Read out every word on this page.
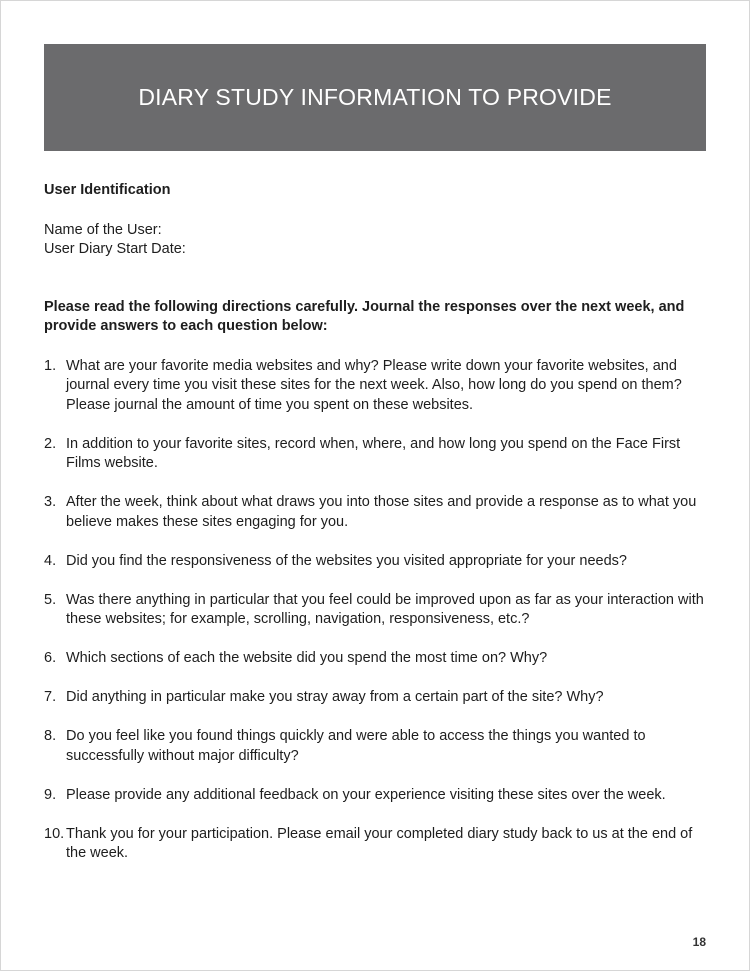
DIARY STUDY INFORMATION TO PROVIDE

User Identification

Name of the User:

User Diary Start Date:

Please read the following directions carefully. Journal the responses over the next week, and provide answers to each question below:

1. What are your favorite media websites and why? Please write down your favorite websites, and journal every time you visit these sites for the next week. Also, how long do you spend on them? Please journal the amount of time you spent on these websites.
2. In addition to your favorite sites, record when, where, and how long you spend on the Face First Films website.
3. After the week, think about what draws you into those sites and provide a response as to what you believe makes these sites engaging for you.
4. Did you find the responsiveness of the websites you visited appropriate for your needs?
5. Was there anything in particular that you feel could be improved upon as far as your interaction with these websites; for example, scrolling, navigation, responsiveness, etc.?
6. Which sections of each the website did you spend the most time on? Why?
7. Did anything in particular make you stray away from a certain part of the site? Why?
8. Do you feel like you found things quickly and were able to access the things you wanted to successfully without major difficulty?
9. Please provide any additional feedback on your experience visiting these sites over the week.
10. Thank you for your participation. Please email your completed diary study back to us at the end of the week.
18
